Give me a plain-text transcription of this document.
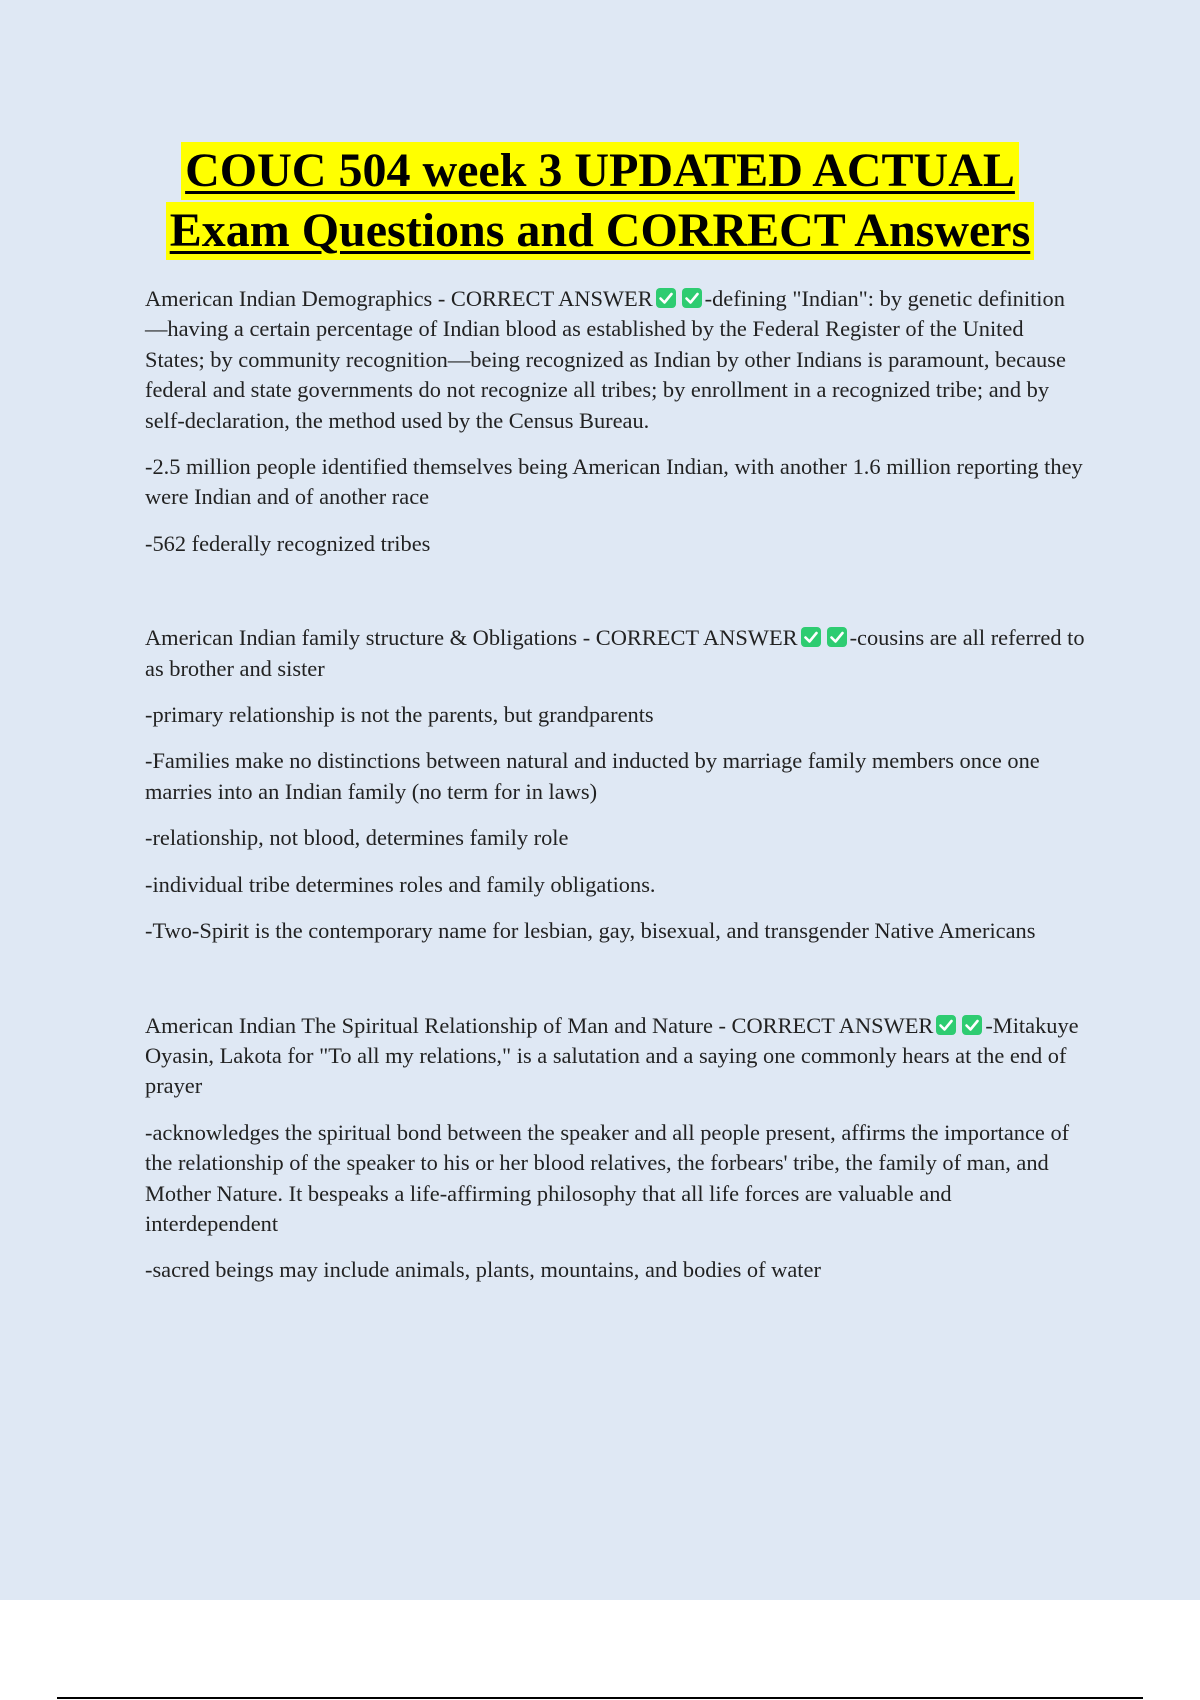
COUC 504 week 3 UPDATED ACTUAL
Exam Questions and CORRECT Answers

American Indian Demographics - CORRECT ANSWER -defining "Indian": by genetic definition—having a certain percentage of Indian blood as established by the Federal Register of the United States; by community recognition—being recognized as Indian by other Indians is paramount, because federal and state governments do not recognize all tribes; by enrollment in a recognized tribe; and by self-declaration, the method used by the Census Bureau.

-2.5 million people identified themselves being American Indian, with another 1.6 million reporting they were Indian and of another race

-562 federally recognized tribes

American Indian family structure & Obligations - CORRECT ANSWER -cousins are all referred to as brother and sister

-primary relationship is not the parents, but grandparents

-Families make no distinctions between natural and inducted by marriage family members once one marries into an Indian family (no term for in laws)

-relationship, not blood, determines family role

-individual tribe determines roles and family obligations.

-Two-Spirit is the contemporary name for lesbian, gay, bisexual, and transgender Native Americans

American Indian The Spiritual Relationship of Man and Nature - CORRECT ANSWER -Mitakuye Oyasin, Lakota for "To all my relations," is a salutation and a saying one commonly hears at the end of prayer

-acknowledges the spiritual bond between the speaker and all people present, affirms the importance of the relationship of the speaker to his or her blood relatives, the forbears' tribe, the family of man, and Mother Nature. It bespeaks a life-affirming philosophy that all life forces are valuable and interdependent

-sacred beings may include animals, plants, mountains, and bodies of water
